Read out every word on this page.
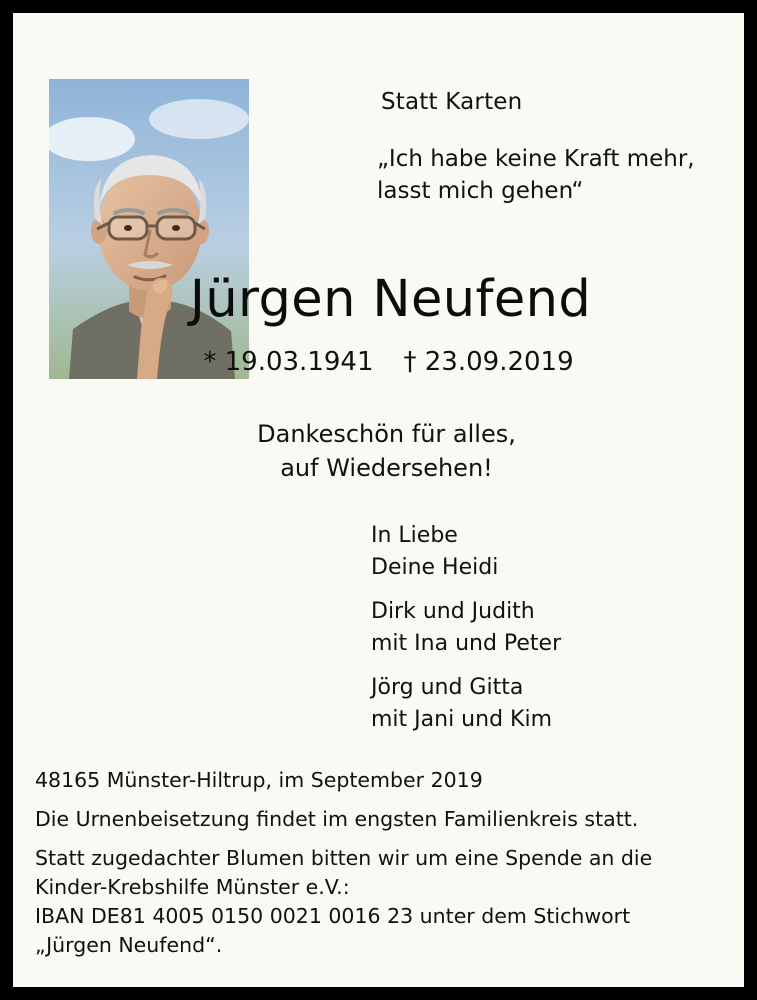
Statt Karten
„Ich habe keine Kraft mehr,
lasst mich gehen“
Jürgen Neufend
* 19.03.1941 † 23.09.2019
Dankeschön für alles,
auf Wiedersehen!
In Liebe
Deine Heidi
Dirk und Judith
mit Ina und Peter
Jörg und Gitta
mit Jani und Kim
48165 Münster-Hiltrup, im September 2019
Die Urnenbeisetzung findet im engsten Familienkreis statt.
Statt zugedachter Blumen bitten wir um eine Spende an die
Kinder-Krebshilfe Münster e.V.:
IBAN DE81 4005 0150 0021 0016 23 unter dem Stichwort
„Jürgen Neufend“.
